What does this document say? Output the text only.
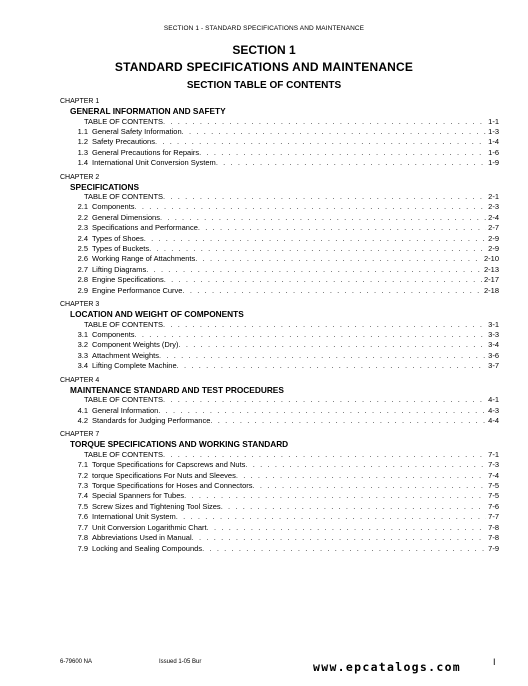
SECTION 1 - STANDARD SPECIFICATIONS AND MAINTENANCE
SECTION 1
STANDARD SPECIFICATIONS AND MAINTENANCE
SECTION TABLE OF CONTENTS
CHAPTER 1
GENERAL INFORMATION AND SAFETY
TABLE OF CONTENTS . . .	1-1
1.1 General Safety Information . . .	1-3
1.2 Safety Precautions . . .	1-4
1.3 General Precautions for Repairs . . .	1-6
1.4 International Unit Conversion System . . .	1-9
CHAPTER 2
SPECIFICATIONS
TABLE OF CONTENTS . . .	2-1
2.1 Components . . .	2-3
2.2 General Dimensions . . .	2-4
2.3 Specifications and Performance . . .	2-7
2.4 Types of Shoes . . .	2-9
2.5 Types of Buckets . . .	2-9
2.6 Working Range of Attachments . . .	2-10
2.7 Lifting Diagrams . . .	2-13
2.8 Engine Specifications . . .	2-17
2.9 Engine Performance Curve . . .	2-18
CHAPTER 3
LOCATION AND WEIGHT OF COMPONENTS
TABLE OF CONTENTS . . .	3-1
3.1 Components . . .	3-3
3.2 Component Weights (Dry) . . .	3-4
3.3 Attachment Weights . . .	3-6
3.4 Lifting Complete Machine . . .	3-7
CHAPTER 4
MAINTENANCE STANDARD AND TEST PROCEDURES
TABLE OF CONTENTS . . .	4-1
4.1 General Information . . .	4-3
4.2 Standards for Judging Performance . . .	4-4
CHAPTER 7
TORQUE SPECIFICATIONS AND WORKING STANDARD
TABLE OF CONTENTS . . .	7-1
7.1 Torque Specifications for Capscrews and Nuts . . .	7-3
7.2 torque Specifications For Nuts and Sleeves . . .	7-4
7.3 Torque Specifications for Hoses and Connectors . . .	7-5
7.4 Special Spanners for Tubes . . .	7-5
7.5 Screw Sizes and Tightening Tool Sizes . . .	7-6
7.6 International Unit System . . .	7-7
7.7 Unit Conversion Logarithmic Chart . . .	7-8
7.8 Abbreviations Used in Manual . . .	7-8
7.9 Locking and Sealing Compounds . . .	7-9
6-79600 NA	Issued 1-05 Bur	www.epcatalogs.com	I
